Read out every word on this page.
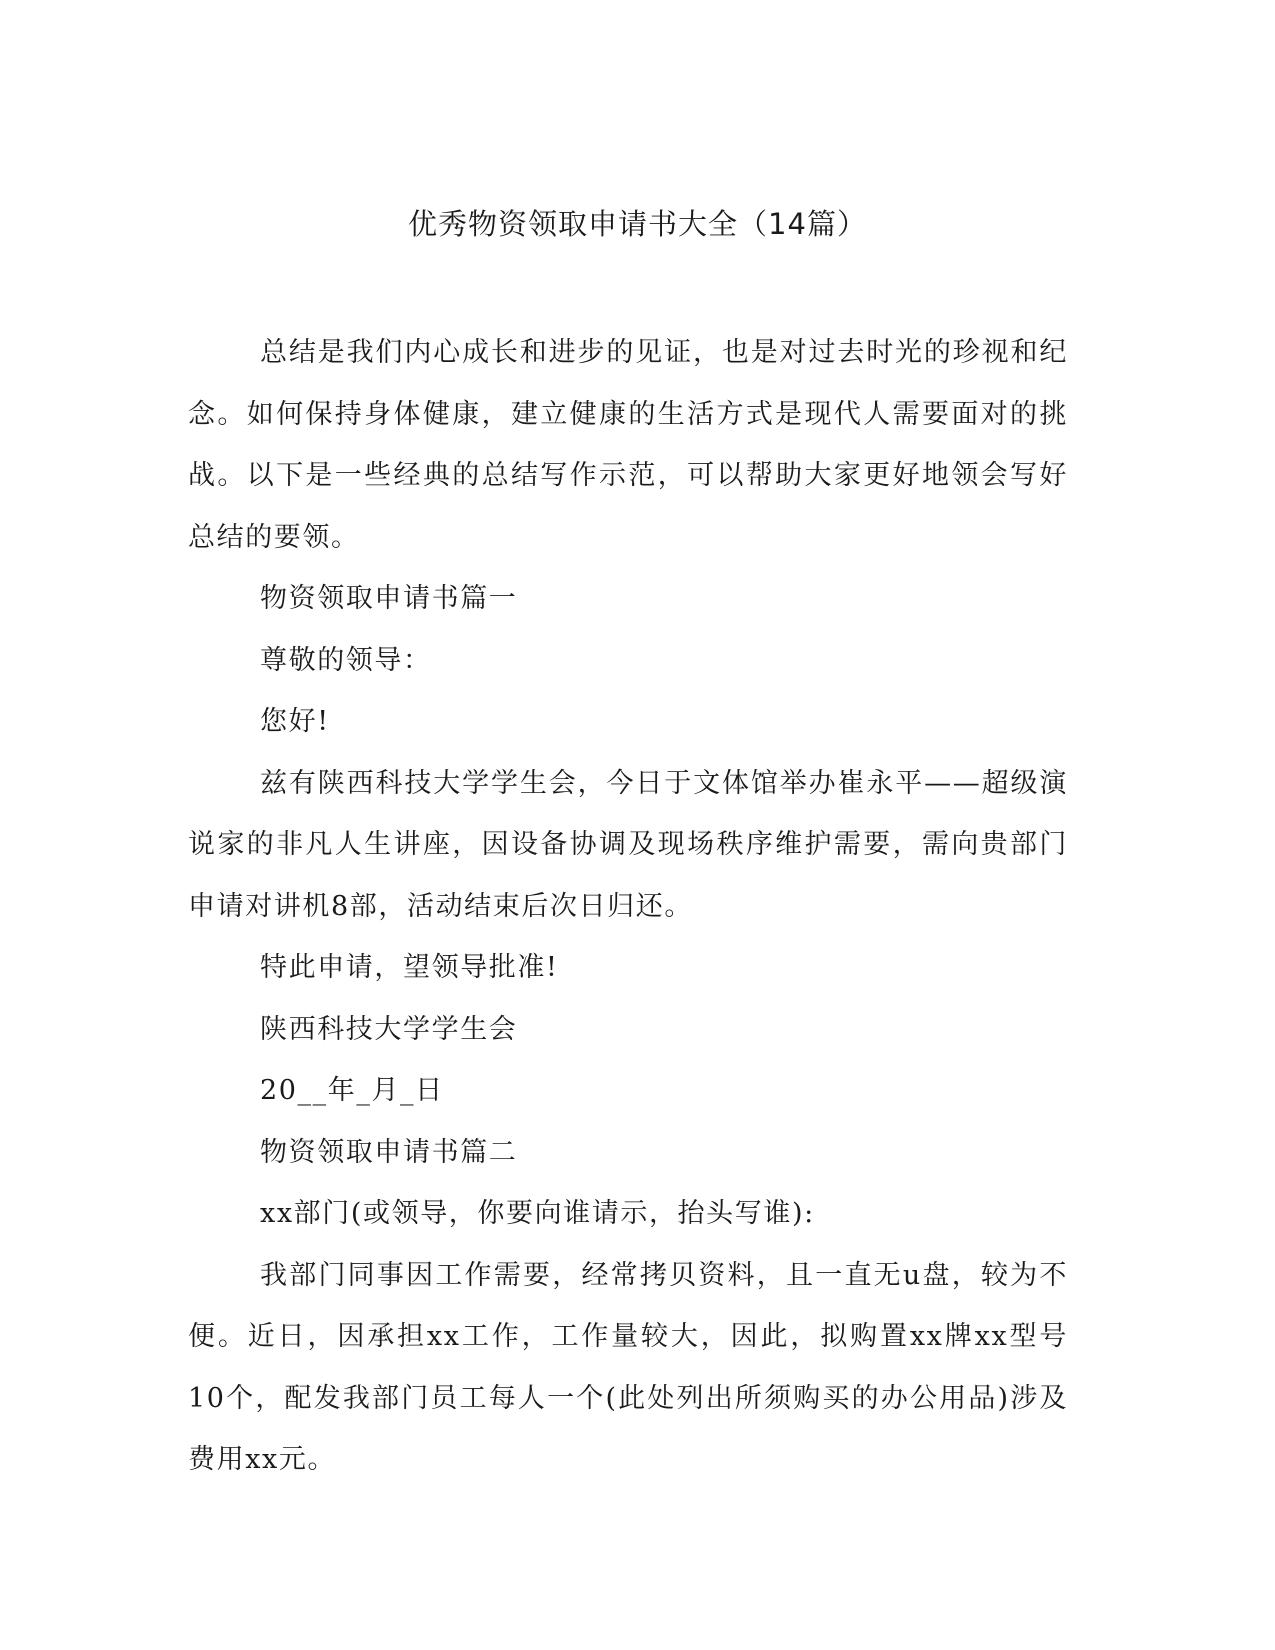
优秀物资领取申请书大全（14篇）

总结是我们内心成长和进步的见证，也是对过去时光的珍视和纪念。如何保持身体健康，建立健康的生活方式是现代人需要面对的挑战。以下是一些经典的总结写作示范，可以帮助大家更好地领会写好总结的要领。

物资领取申请书篇一

尊敬的领导：

您好!

兹有陕西科技大学学生会，今日于文体馆举办崔永平——超级演说家的非凡人生讲座，因设备协调及现场秩序维护需要，需向贵部门申请对讲机8部，活动结束后次日归还。

特此申请，望领导批准!

陕西科技大学学生会

20__年_月_日

物资领取申请书篇二

xx部门(或领导，你要向谁请示，抬头写谁):

我部门同事因工作需要，经常拷贝资料，且一直无u盘，较为不便。近日，因承担xx工作，工作量较大，因此，拟购置xx牌xx型号10个，配发我部门员工每人一个(此处列出所须购买的办公用品)涉及费用xx元。
